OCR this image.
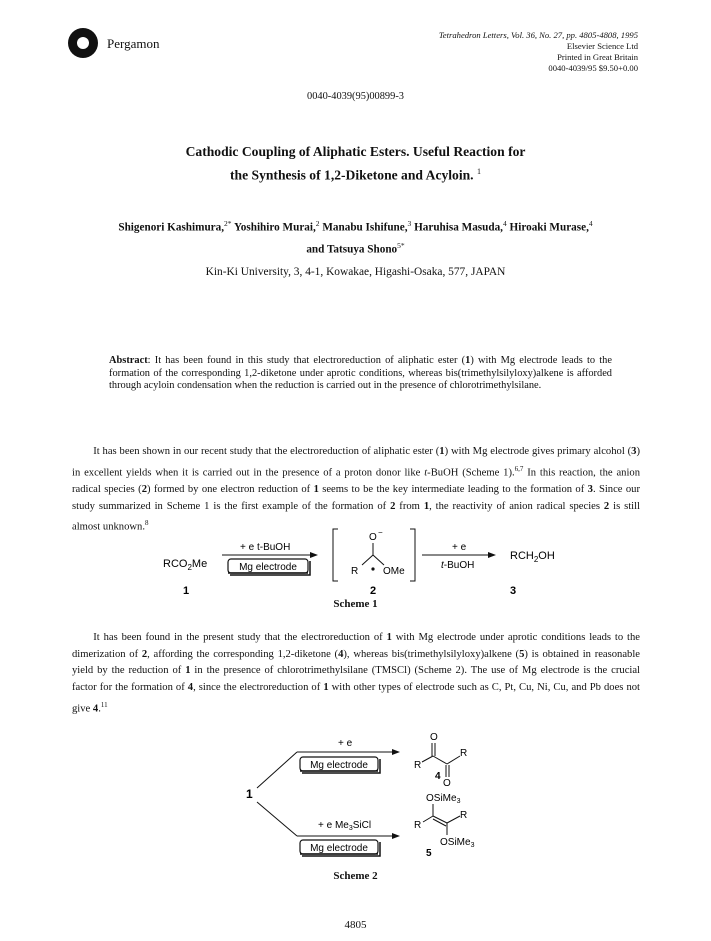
Pergamon
Tetrahedron Letters, Vol. 36, No. 27, pp. 4805-4808, 1995
Elsevier Science Ltd
Printed in Great Britain
0040-4039/95 $9.50+0.00
0040-4039(95)00899-3
Cathodic Coupling of Aliphatic Esters. Useful Reaction for
the Synthesis of 1,2-Diketone and Acyloin. $^1$
Shigenori Kashimura,$^{2*}$ Yoshihiro Murai,$^2$ Manabu Ishifune,$^3$ Haruhisa Masuda,$^4$ Hiroaki Murase,$^4$
and Tatsuya Shono$^{5*}$
Kin-Ki University, 3, 4-1, Kowakae, Higashi-Osaka, 577, JAPAN
Abstract: It has been found in this study that electroreduction of aliphatic ester (1) with Mg electrode leads to the formation of the corresponding 1,2-diketone under aprotic conditions, whereas bis(trimethylsilyloxy)alkene is afforded through acyloin condensation when the reduction is carried out in the presence of chlorotrimethylsilane.
  It has been shown in our recent study that the electroreduction of aliphatic ester (1) with Mg electrode gives primary alcohol (3) in excellent yields when it is carried out in the presence of a proton donor like t-BuOH (Scheme 1).$^{6,7}$ In this reaction, the anion radical species (2) formed by one electron reduction of 1 seems to be the key intermediate leading to the formation of 3. Since our study summarized in Scheme 1 is the first example of the formation of 2 from 1, the reactivity of anion radical species 2 is still almost unknown.$^8$
$RCO_2Me$
+ e t-BuOH
Mg electrode
O −
R OMe
+ e
t-BuOH
$RCH_2OH$
1	2	3
Scheme 1
  It has been found in the present study that the electroreduction of 1 with Mg electrode under aprotic conditions leads to the dimerization of 2, affording the corresponding 1,2-diketone (4), whereas bis(trimethylsilyloxy)alkene (5) is obtained in reasonable yield by the reduction of 1 in the presence of chlorotrimethylsilane (TMSCl) (Scheme 2). The use of Mg electrode is the crucial factor for the formation of 4, since the electroreduction of 1 with other types of electrode such as C, Pt, Cu, Ni, Cu, and Pb does not give 4.11
1
+ e
Mg electrode
+ e $Me_3SiCl$
Mg electrode
O
R
R
O
4
OSiMe$_3$
R
R
OSiMe$_3$
5
Scheme 2
4805
